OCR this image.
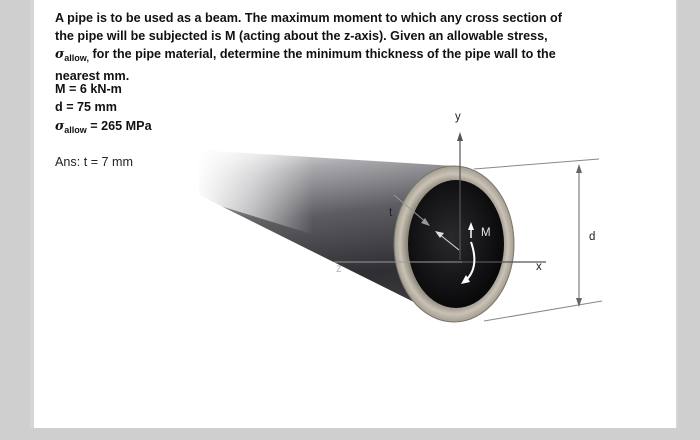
A pipe is to be used as a beam. The maximum moment to which any cross section of

the pipe will be subjected is M (acting about the z-axis). Given an allowable stress,

$\sigma_{allow,}$ for the pipe material, determine the minimum thickness of the pipe wall to the

nearest mm.

M = 6 kN-m
d = 75 mm
$\sigma_{allow} = 265$ MPa
Ans: t = 7 mm
y
t
M
z	x
d
